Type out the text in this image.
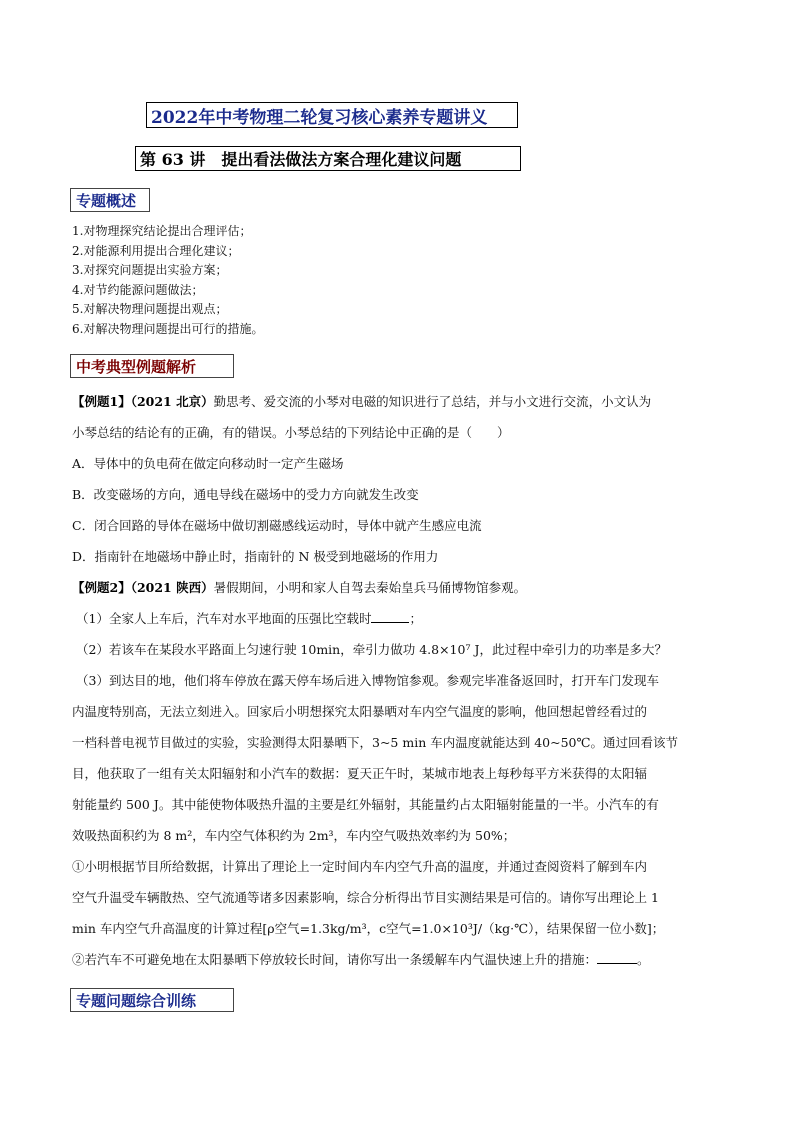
2022年中考物理二轮复习核心素养专题讲义
第 63 讲　提出看法做法方案合理化建议问题
专题概述
1.对物理探究结论提出合理评估；
2.对能源利用提出合理化建议；
3.对探究问题提出实验方案；
4.对节约能源问题做法；
5.对解决物理问题提出观点；
6.对解决物理问题提出可行的措施。
中考典型例题解析
【例题1】（2021 北京）勤思考、爱交流的小琴对电磁的知识进行了总结，并与小文进行交流，小文认为
小琴总结的结论有的正确，有的错误。小琴总结的下列结论中正确的是（　　）
A．导体中的负电荷在做定向移动时一定产生磁场
B．改变磁场的方向，通电导线在磁场中的受力方向就发生改变
C．闭合回路的导体在磁场中做切割磁感线运动时，导体中就产生感应电流
D．指南针在地磁场中静止时，指南针的 N 极受到地磁场的作用力
【例题2】（2021 陕西）暑假期间，小明和家人自驾去秦始皇兵马俑博物馆参观。
（1）全家人上车后，汽车对水平地面的压强比空载时	；
（2）若该车在某段水平路面上匀速行驶 10min，牵引力做功 4.8×10⁷ J，此过程中牵引力的功率是多大？
（3）到达目的地，他们将车停放在露天停车场后进入博物馆参观。参观完毕准备返回时，打开车门发现车
内温度特别高，无法立刻进入。回家后小明想探究太阳暴晒对车内空气温度的影响，他回想起曾经看过的
一档科普电视节目做过的实验，实验测得太阳暴晒下，3~5 min 车内温度就能达到 40~50℃。通过回看该节
目，他获取了一组有关太阳辐射和小汽车的数据：夏天正午时，某城市地表上每秒每平方米获得的太阳辐
射能量约 500 J。其中能使物体吸热升温的主要是红外辐射，其能量约占太阳辐射能量的一半。小汽车的有
效吸热面积约为 8 m²，车内空气体积约为 2m³，车内空气吸热效率约为 50%；
①小明根据节目所给数据，计算出了理论上一定时间内车内空气升高的温度，并通过查阅资料了解到车内
空气升温受车辆散热、空气流通等诸多因素影响，综合分析得出节目实测结果是可信的。请你写出理论上 1
min 车内空气升高温度的计算过程[ρ空气=1.3kg/m³，c空气=1.0×10³J/（kg·℃），结果保留一位小数]；
②若汽车不可避免地在太阳暴晒下停放较长时间，请你写出一条缓解车内气温快速上升的措施：	。
专题问题综合训练
